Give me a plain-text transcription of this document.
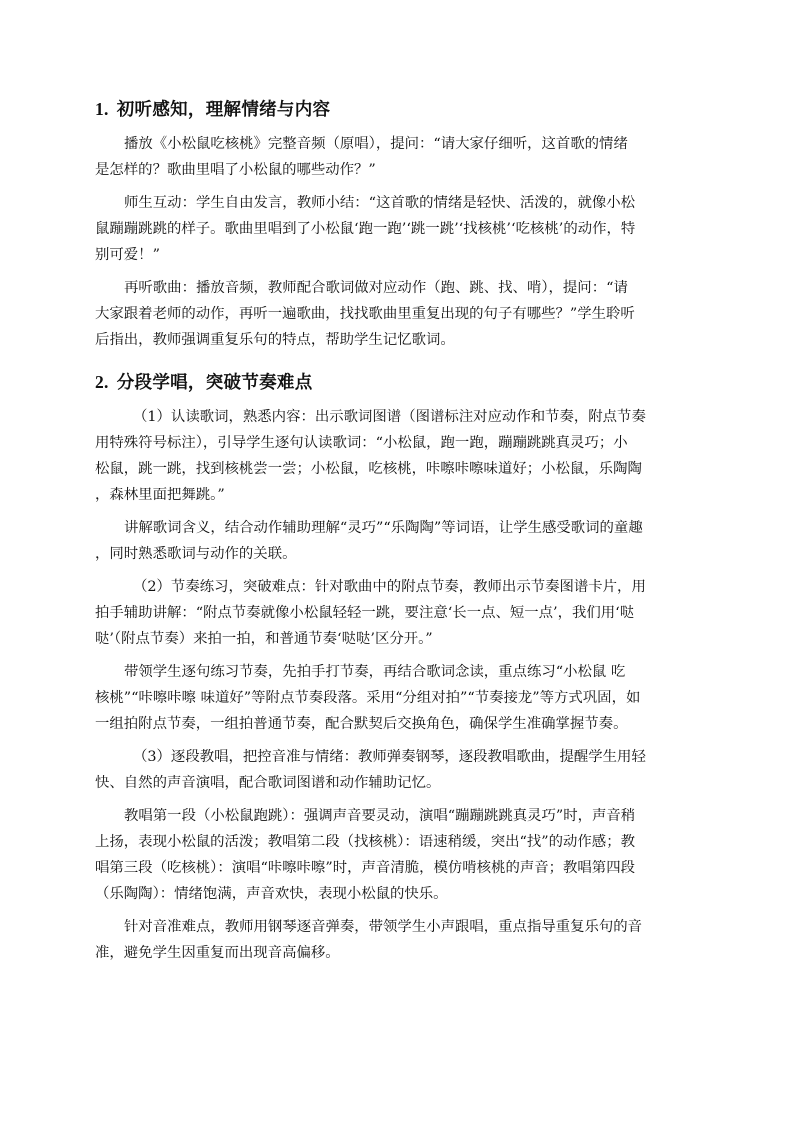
1. 初听感知，理解情绪与内容
播放《小松鼠吃核桃》完整音频（原唱），提问：“请大家仔细听，这首歌的情绪
是怎样的？歌曲里唱了小松鼠的哪些动作？”
师生互动：学生自由发言，教师小结：“这首歌的情绪是轻快、活泼的，就像小松
鼠蹦蹦跳跳的样子。歌曲里唱到了小松鼠‘跑一跑’‘跳一跳’‘找核桃’‘吃核桃’的动作，特
别可爱！”
再听歌曲：播放音频，教师配合歌词做对应动作（跑、跳、找、啃），提问：“请
大家跟着老师的动作，再听一遍歌曲，找找歌曲里重复出现的句子有哪些？”学生聆听
后指出，教师强调重复乐句的特点，帮助学生记忆歌词。
2. 分段学唱，突破节奏难点
（1）认读歌词，熟悉内容：出示歌词图谱（图谱标注对应动作和节奏，附点节奏
用特殊符号标注），引导学生逐句认读歌词：“小松鼠，跑一跑，蹦蹦跳跳真灵巧；小
松鼠，跳一跳，找到核桃尝一尝；小松鼠，吃核桃，咔嚓咔嚓味道好；小松鼠，乐陶陶
，森林里面把舞跳。”
讲解歌词含义，结合动作辅助理解“灵巧”“乐陶陶”等词语，让学生感受歌词的童趣
，同时熟悉歌词与动作的关联。
（2）节奏练习，突破难点：针对歌曲中的附点节奏，教师出示节奏图谱卡片，用
拍手辅助讲解：“附点节奏就像小松鼠轻轻一跳，要注意‘长一点、短一点’，我们用‘哒
哒’（附点节奏）来拍一拍，和普通节奏‘哒哒’区分开。”
带领学生逐句练习节奏，先拍手打节奏，再结合歌词念读，重点练习“小松鼠 吃
核桃”“咔嚓咔嚓 味道好”等附点节奏段落。采用“分组对拍”“节奏接龙”等方式巩固，如
一组拍附点节奏，一组拍普通节奏，配合默契后交换角色，确保学生准确掌握节奏。
（3）逐段教唱，把控音准与情绪：教师弹奏钢琴，逐段教唱歌曲，提醒学生用轻
快、自然的声音演唱，配合歌词图谱和动作辅助记忆。
教唱第一段（小松鼠跑跳）：强调声音要灵动，演唱“蹦蹦跳跳真灵巧”时，声音稍
上扬，表现小松鼠的活泼；教唱第二段（找核桃）：语速稍缓，突出“找”的动作感；教
唱第三段（吃核桃）：演唱“咔嚓咔嚓”时，声音清脆，模仿啃核桃的声音；教唱第四段
（乐陶陶）：情绪饱满，声音欢快，表现小松鼠的快乐。
针对音准难点，教师用钢琴逐音弹奏，带领学生小声跟唱，重点指导重复乐句的音
准，避免学生因重复而出现音高偏移。
